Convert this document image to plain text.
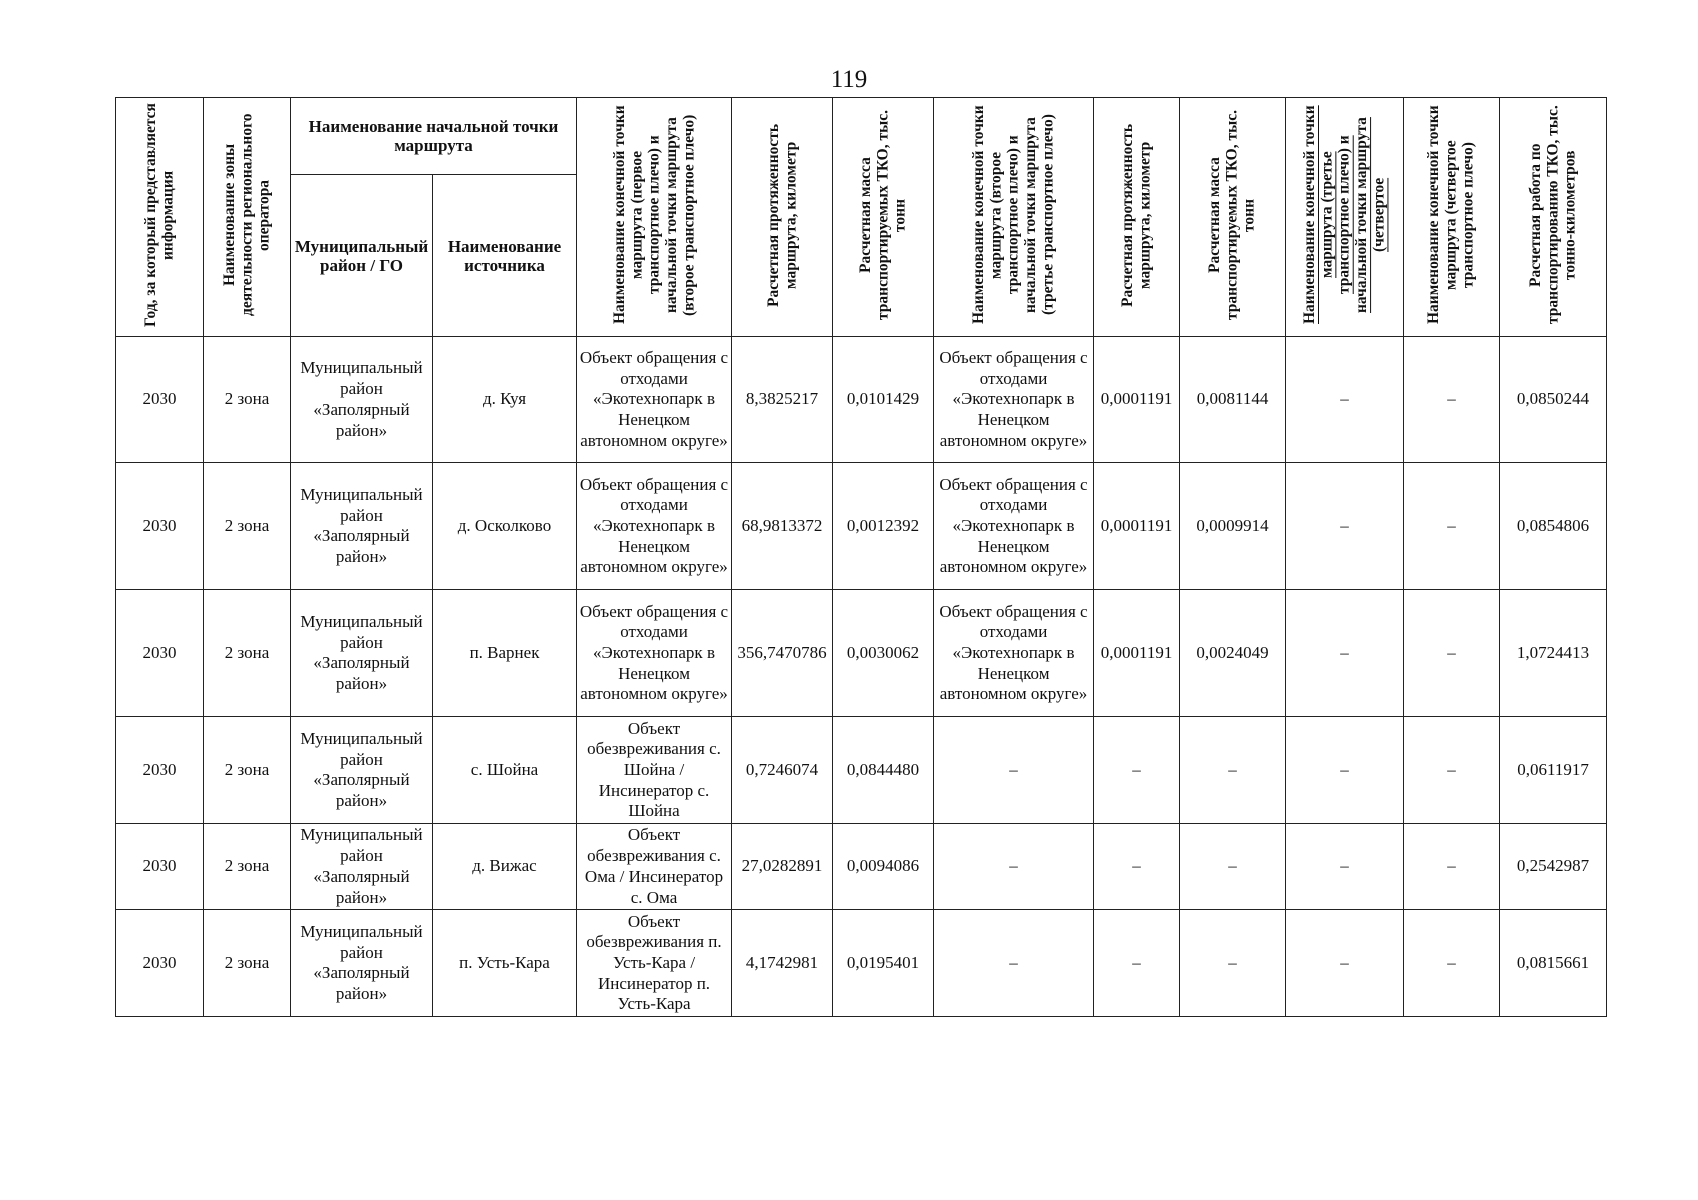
119
Год, за который представляется информация	Наименование зоны деятельности регионального оператора	Наименование начальной точки маршрута		Наименование конечной точки маршрута (первое транспортное плечо) и начальной точки маршрута (второе транспортное плечо)	Расчетная протяженность маршрута, километр	Расчетная масса транспортируемых ТКО, тыс. тонн	Наименование конечной точки маршрута (второе транспортное плечо) и начальной точки маршрута (третье транспортное плечо)	Расчетная протяженность маршрута, километр	Расчетная масса транспортируемых ТКО, тыс. тонн	Наименование конечной точки маршрута (третье транспортное плечо) и начальной точки маршрута (четвертое	Наименование конечной точки маршрута (четвертое транспортное плечо)	Расчетная работа по транспортированию ТКО, тыс. тонно-километров
		Муниципальный район / ГО	Наименование источника									
2030	2 зона	Муниципальный район «Заполярный район»	д. Куя	Объект обращения с отходами «Экотехнопарк в Ненецком автономном округе»	8,3825217	0,0101429	Объект обращения с отходами «Экотехнопарк в Ненецком автономном округе»	0,0001191	0,0081144	–	–	0,0850244
2030	2 зона	Муниципальный район «Заполярный район»	д. Осколково	Объект обращения с отходами «Экотехнопарк в Ненецком автономном округе»	68,9813372	0,0012392	Объект обращения с отходами «Экотехнопарк в Ненецком автономном округе»	0,0001191	0,0009914	–	–	0,0854806
2030	2 зона	Муниципальный район «Заполярный район»	п. Варнек	Объект обращения с отходами «Экотехнопарк в Ненецком автономном округе»	356,7470786	0,0030062	Объект обращения с отходами «Экотехнопарк в Ненецком автономном округе»	0,0001191	0,0024049	–	–	1,0724413
2030	2 зона	Муниципальный район «Заполярный район»	с. Шойна	Объект обезвреживания с. Шойна / Инсинератор с. Шойна	0,7246074	0,0844480	–	–	–	–	–	0,0611917
2030	2 зона	Муниципальный район «Заполярный район»	д. Вижас	Объект обезвреживания с. Ома / Инсинератор с. Ома	27,0282891	0,0094086	–	–	–	–	–	0,2542987
2030	2 зона	Муниципальный район «Заполярный район»	п. Усть-Кара	Объект обезвреживания п. Усть-Кара / Инсинератор п. Усть-Кара	4,1742981	0,0195401	–	–	–	–	–	0,0815661
